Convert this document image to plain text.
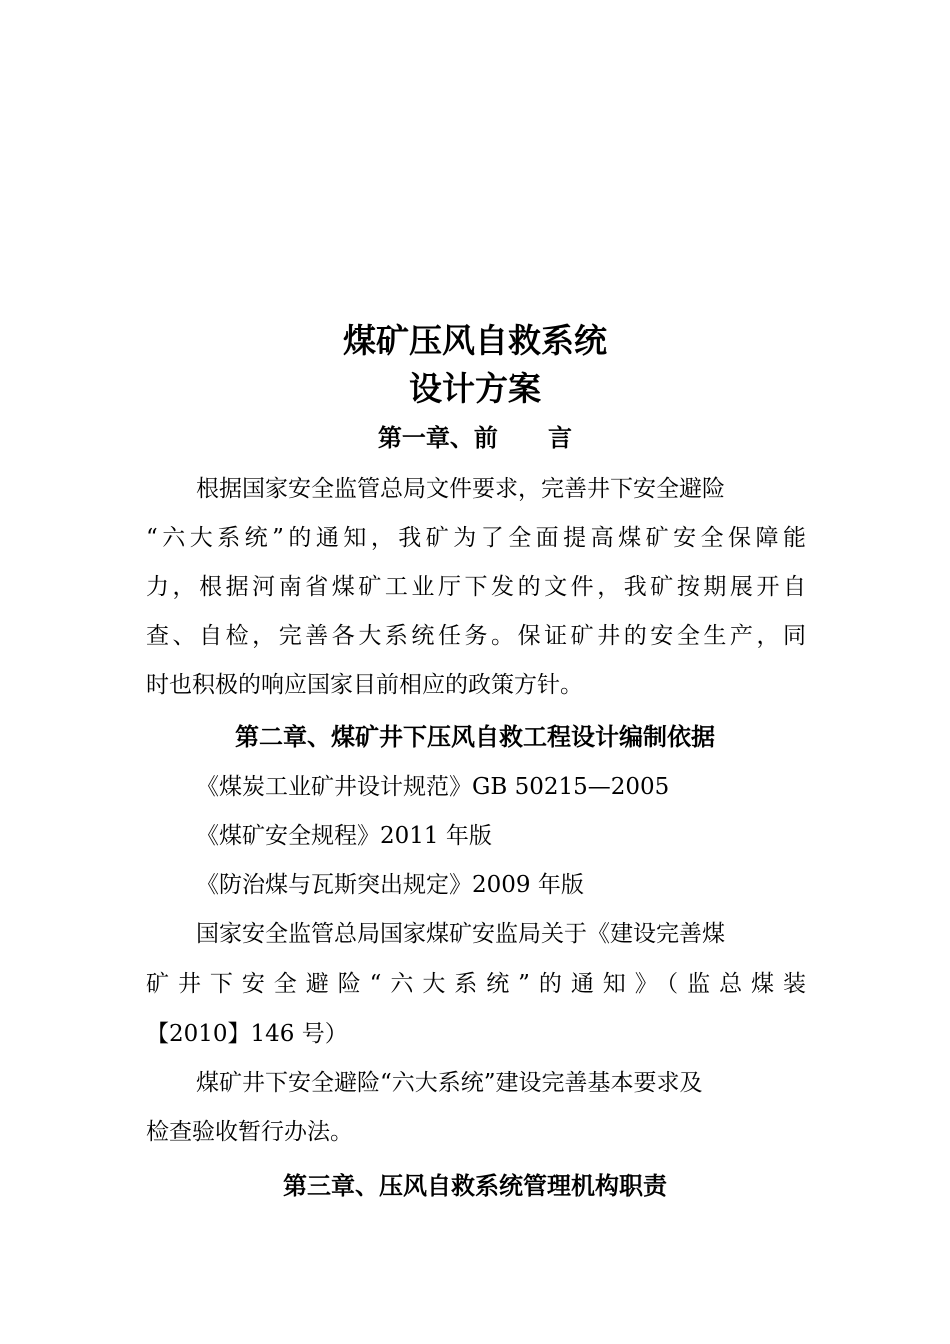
煤矿压风自救系统
设计方案
第一章、前      言
根据国家安全监管总局文件要求，完善井下安全避险
“六大系统”的通知，我矿为了全面提高煤矿安全保障能
力，根据河南省煤矿工业厅下发的文件，我矿按期展开自
查、自检，完善各大系统任务。保证矿井的安全生产，同
时也积极的响应国家目前相应的政策方针。
第二章、煤矿井下压风自救工程设计编制依据
《煤炭工业矿井设计规范》GB 50215—2005
《煤矿安全规程》2011 年版
《防治煤与瓦斯突出规定》2009 年版
国家安全监管总局国家煤矿安监局关于《建设完善煤
矿井下安全避险“六大系统”的通知》（监总煤装
【2010】146 号）
煤矿井下安全避险“六大系统”建设完善基本要求及
检查验收暂行办法。
第三章、压风自救系统管理机构职责
